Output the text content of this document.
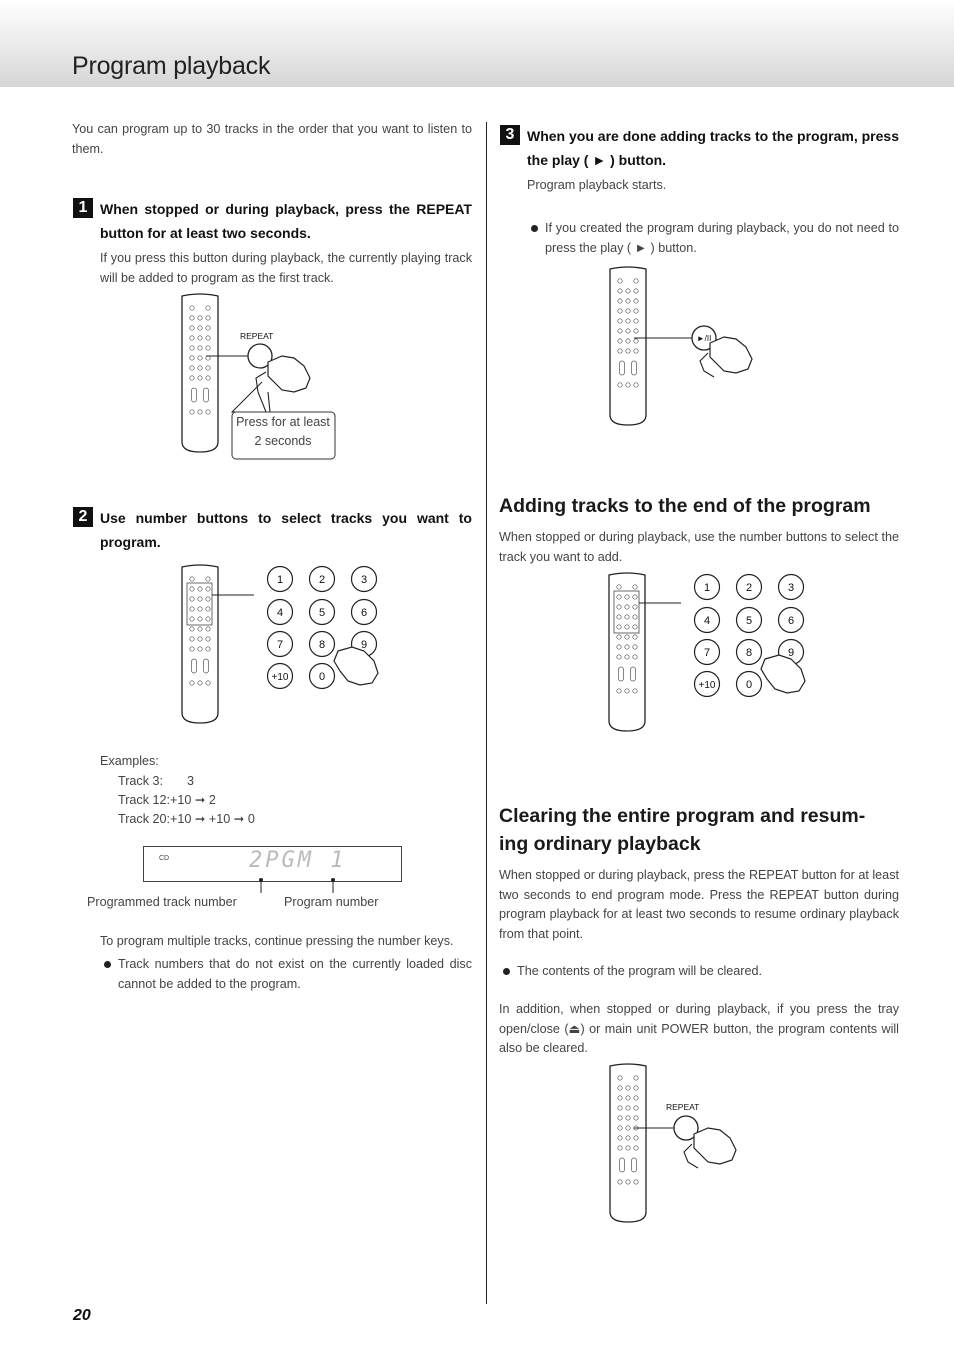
Program playback
You can program up to 30 tracks in the order that you want to listen to them.
1 When stopped or during playback, press the REPEAT button for at least two seconds.
If you press this button during playback, the currently playing track will be added to program as the first track.
REPEAT
Press for at least
2 seconds
2 Use number buttons to select tracks you want to program.
1	2	3
4	5	6
7	8	9
+10	0
Examples:
Track 3: 3
Track 12: +10 ➞ 2
Track 20: +10 ➞ +10 ➞ 0
CD	2PGM 1
Programmed track number	Program number
To program multiple tracks, continue pressing the number keys.
Track numbers that do not exist on the currently loaded disc cannot be added to the program.
3 When you are done adding tracks to the program, press the play ( ► ) button.
Program playback starts.
If you created the program during playback, you do not need to press the play ( ► ) button.
►/II
Adding tracks to the end of the program
When stopped or during playback, use the number buttons to select the track you want to add.
1	2	3
4	5	6
7	8	9
+10	0
Clearing the entire program and resum-
ing ordinary playback
When stopped or during playback, press the REPEAT button for at least two seconds to end program mode. Press the REPEAT button during program playback for at least two seconds to resume ordinary playback from that point.
The contents of the program will be cleared.
In addition, when stopped or during playback, if you press the tray open/close (⏏) or main unit POWER button, the program contents will also be cleared.
REPEAT
20
